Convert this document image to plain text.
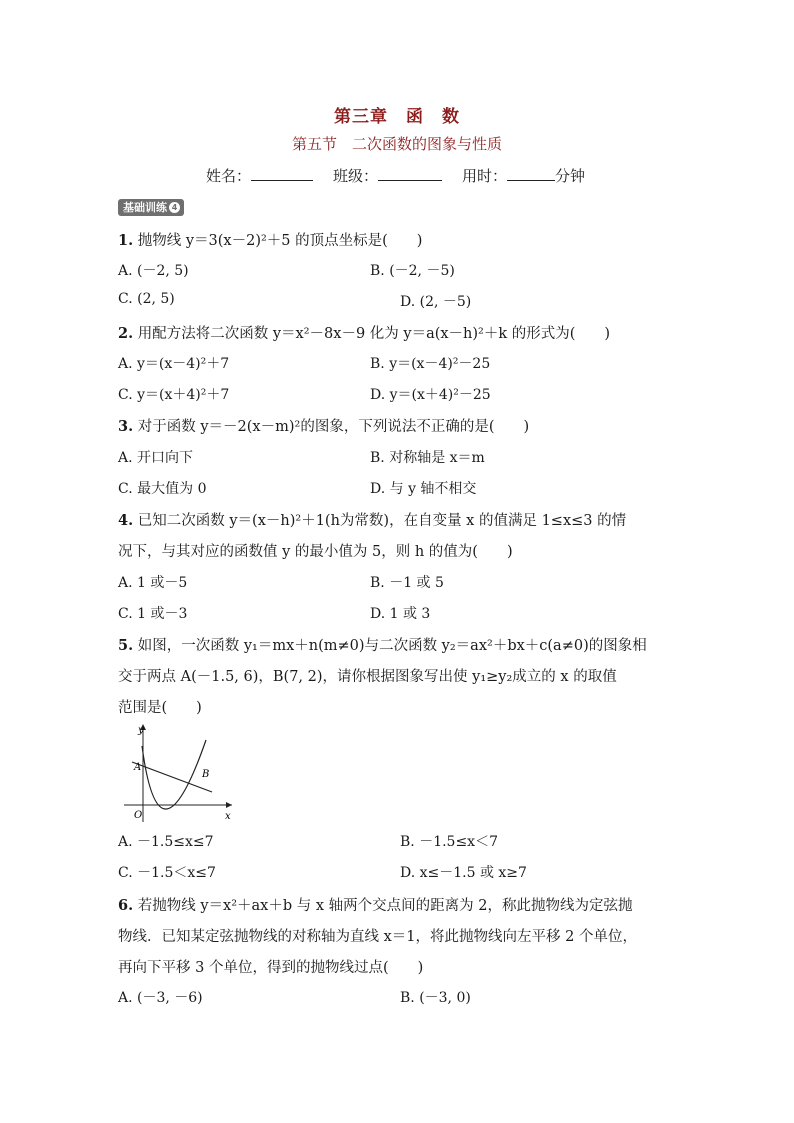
第三章　函　数
第五节　二次函数的图象与性质
姓名：	班级：	用时：	分钟
基础训练 4
1. 抛物线 y＝3(x－2)²＋5 的顶点坐标是(　　)
A. (－2, 5)	B. (－2, －5)
C. (2, 5)	D. (2, －5)
2. 用配方法将二次函数 y＝x²－8x－9 化为 y＝a(x－h)²＋k 的形式为(　　)
A. y＝(x－4)²＋7	B. y＝(x－4)²－25
C. y＝(x＋4)²＋7	D. y＝(x＋4)²－25
3. 对于函数 y＝－2(x－m)²的图象，下列说法不正确的是(　　)
A. 开口向下	B. 对称轴是 x＝m
C. 最大值为 0	D. 与 y 轴不相交
4. 已知二次函数 y＝(x－h)²＋1(h为常数)，在自变量 x 的值满足 1≤x≤3 的情
况下，与其对应的函数值 y 的最小值为 5，则 h 的值为(　　)
A. 1 或－5	B. －1 或 5
C. 1 或－3	D. 1 或 3
5. 如图，一次函数 y₁＝mx＋n(m≠0)与二次函数 y₂＝ax²＋bx＋c(a≠0)的图象相
交于两点 A(－1.5, 6)，B(7, 2)，请你根据图象写出使 y₁≥y₂成立的 x 的取值
范围是(　　)
y
x
O
A
B
A. －1.5≤x≤7	B. －1.5≤x＜7
C. －1.5＜x≤7	D. x≤－1.5 或 x≥7
6. 若抛物线 y＝x²＋ax＋b 与 x 轴两个交点间的距离为 2，称此抛物线为定弦抛
物线．已知某定弦抛物线的对称轴为直线 x＝1，将此抛物线向左平移 2 个单位，
再向下平移 3 个单位，得到的抛物线过点(　　)
A. (－3, －6)	B. (－3, 0)
